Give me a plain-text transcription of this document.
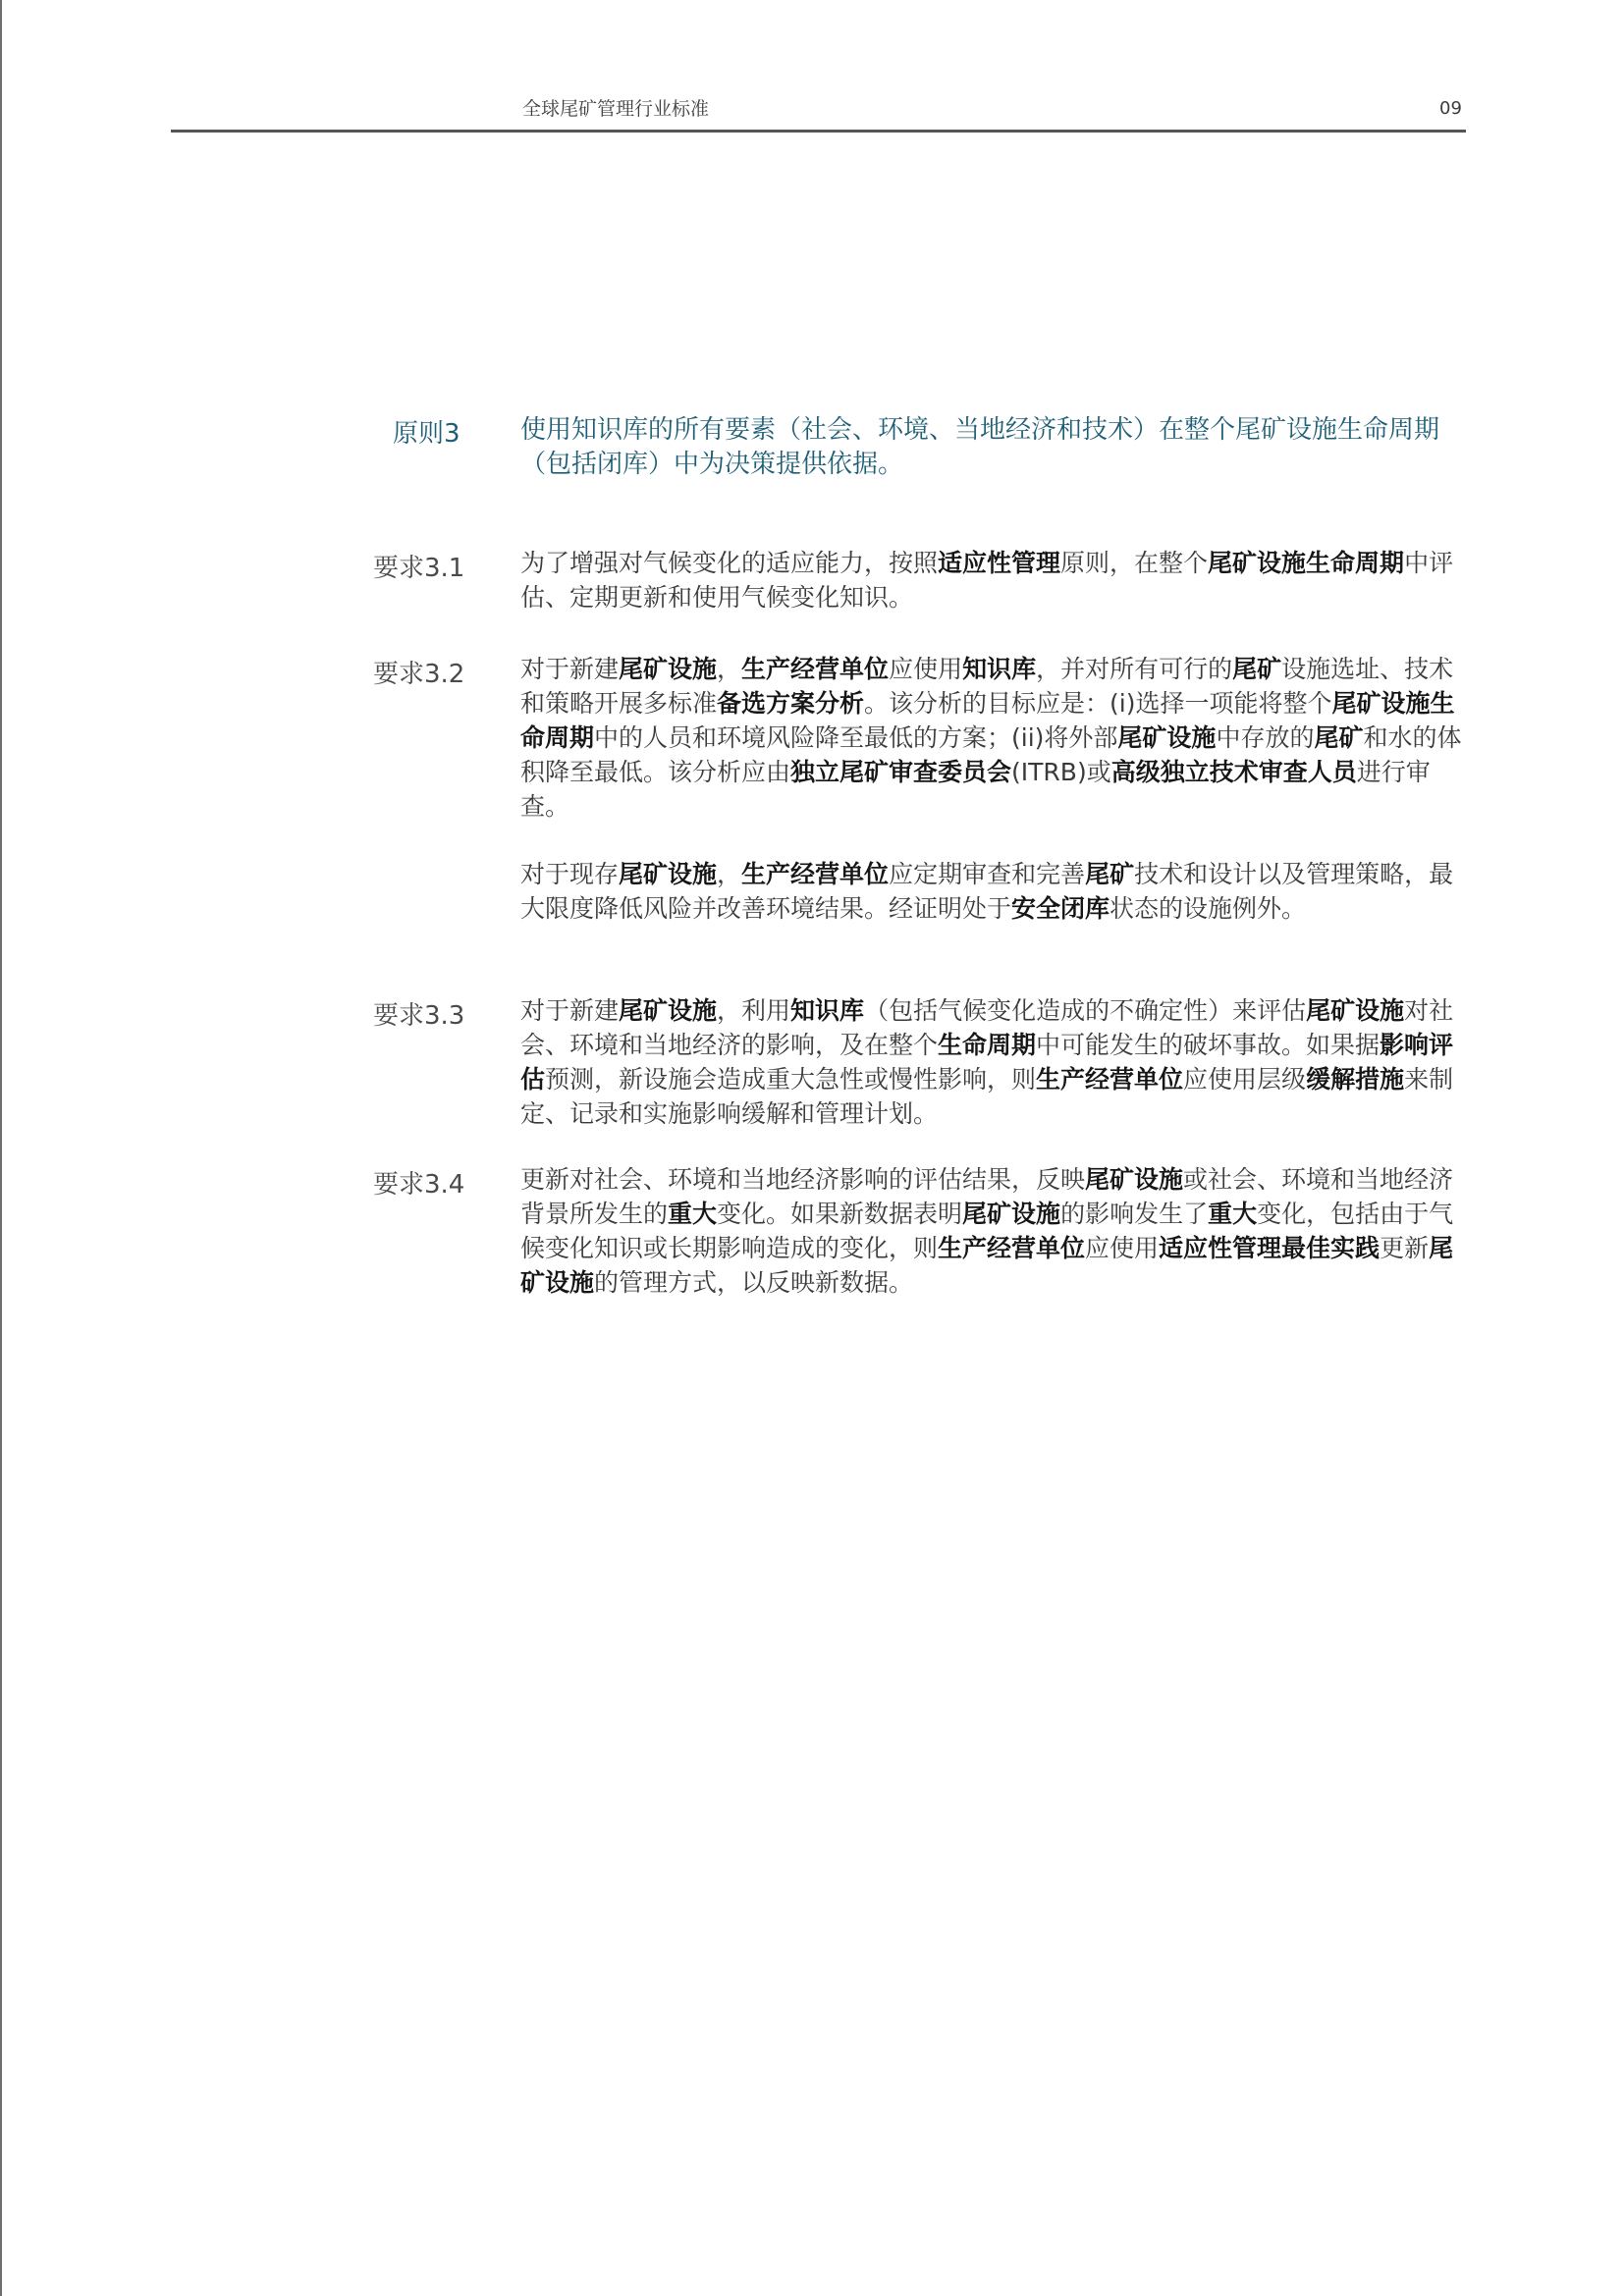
全球尾矿管理行业标准	09
原则3 使用知识库的所有要素（社会、环境、当地经济和技术）在整个尾矿设施生命周期（包括闭库）中为决策提供依据。
要求3.1 为了增强对气候变化的适应能力，按照适应性管理原则，在整个尾矿设施生命周期中评估、定期更新和使用气候变化知识。
要求3.2 对于新建尾矿设施，生产经营单位应使用知识库，并对所有可行的尾矿设施选址、技术和策略开展多标准备选方案分析。该分析的目标应是：(i)选择一项能将整个尾矿设施生命周期中的人员和环境风险降至最低的方案；(ii)将外部尾矿设施中存放的尾矿和水的体积降至最低。该分析应由独立尾矿审查委员会(ITRB)或高级独立技术审查人员进行审查。
对于现存尾矿设施，生产经营单位应定期审查和完善尾矿技术和设计以及管理策略，最大限度降低风险并改善环境结果。经证明处于安全闭库状态的设施例外。
要求3.3 对于新建尾矿设施，利用知识库（包括气候变化造成的不确定性）来评估尾矿设施对社会、环境和当地经济的影响，及在整个生命周期中可能发生的破坏事故。如果据影响评估预测，新设施会造成重大急性或慢性影响，则生产经营单位应使用层级缓解措施来制定、记录和实施影响缓解和管理计划。
要求3.4 更新对社会、环境和当地经济影响的评估结果，反映尾矿设施或社会、环境和当地经济背景所发生的重大变化。如果新数据表明尾矿设施的影响发生了重大变化，包括由于气候变化知识或长期影响造成的变化，则生产经营单位应使用适应性管理最佳实践更新尾矿设施的管理方式，以反映新数据。
